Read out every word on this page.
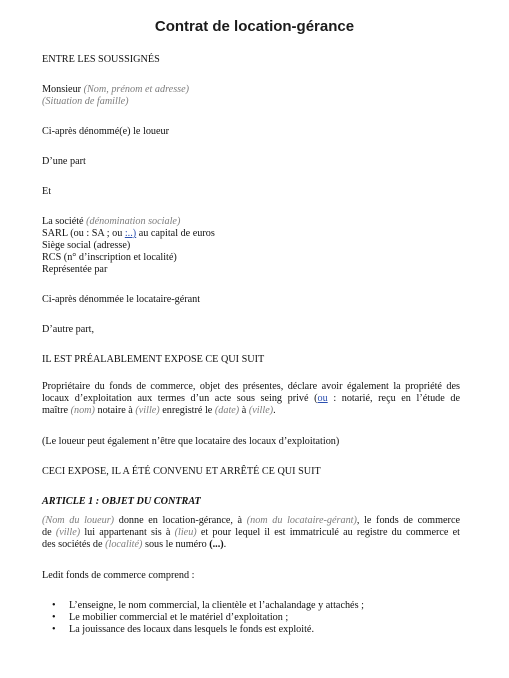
Contrat de location-gérance
ENTRE LES SOUSSIGNÉS
Monsieur (Nom, prénom et adresse)
(Situation de famille)
Ci-après dénommé(e) le loueur
D’une part
Et
La société (dénomination sociale)
SARL (ou : SA ; ou :..) au capital de euros
Siège social (adresse)
RCS (n° d’inscription et localité)
Représentée par
Ci-après dénommée le locataire-gérant
D’autre part,
IL EST PRÉALABLEMENT EXPOSE CE QUI SUIT
Propriétaire du fonds de commerce, objet des présentes, déclare avoir également la propriété des
locaux d’exploitation aux termes d’un acte sous seing privé (ou : notarié, reçu en l’étude de
maître (nom) notaire à (ville) enregistré le (date) à (ville).
(Le loueur peut également n’être que locataire des locaux d’exploitation)
CECI EXPOSE, IL A ÉTÉ CONVENU ET ARRÊTÉ CE QUI SUIT
ARTICLE 1 : OBJET DU CONTRAT
(Nom du loueur) donne en location-gérance, à (nom du locataire-gérant), le fonds de commerce
de (ville) lui appartenant sis à (lieu) et pour lequel il est immatriculé au registre du commerce et
des sociétés de (localité) sous le numéro (...).
Ledit fonds de commerce comprend :
• L’enseigne, le nom commercial, la clientèle et l’achalandage y attachés ;
• Le mobilier commercial et le matériel d’exploitation ;
• La jouissance des locaux dans lesquels le fonds est exploité.
